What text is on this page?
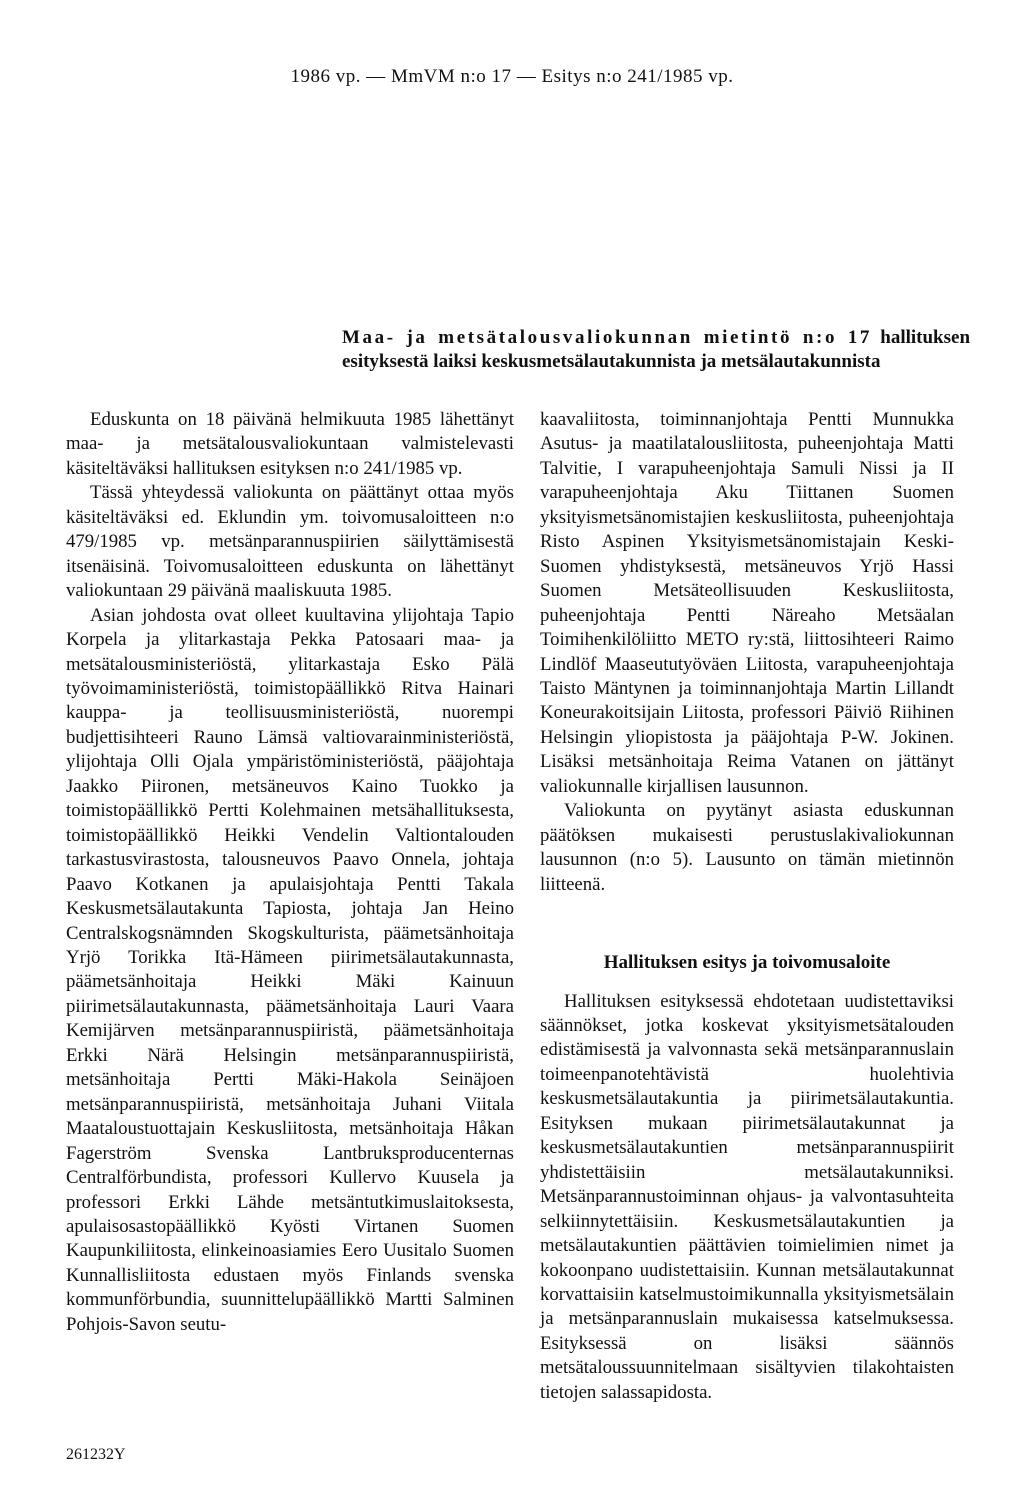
1986 vp. — MmVM n:o 17 — Esitys n:o 241/1985 vp.
Maa- ja metsätalousvaliokunnan mietintö n:o 17 hallituksen esityksestä laiksi keskusmetsälautakunnista ja metsälautakunnista

Eduskunta on 18 päivänä helmikuuta 1985 lähettänyt maa- ja metsätalousvaliokuntaan valmistelevasti käsiteltäväksi hallituksen esityksen n:o 241/1985 vp.

Tässä yhteydessä valiokunta on päättänyt ottaa myös käsiteltäväksi ed. Eklundin ym. toivomusaloitteen n:o 479/1985 vp. metsänparannuspiirien säilyttämisestä itsenäisinä. Toivomusaloitteen eduskunta on lähettänyt valiokuntaan 29 päivänä maaliskuuta 1985.

Asian johdosta ovat olleet kuultavina ylijohtaja Tapio Korpela ja ylitarkastaja Pekka Patosaari maa- ja metsätalousministeriöstä, ylitarkastaja Esko Pälä työvoimaministeriöstä, toimistopäällikkö Ritva Hainari kauppa- ja teollisuusministeriöstä, nuorempi budjettisihteeri Rauno Lämsä valtiovarainministeriöstä, ylijohtaja Olli Ojala ympäristöministeriöstä, pääjohtaja Jaakko Piironen, metsäneuvos Kaino Tuokko ja toimistopäällikkö Pertti Kolehmainen metsähallituksesta, toimistopäällikkö Heikki Vendelin Valtiontalouden tarkastusvirastosta, talousneuvos Paavo Onnela, johtaja Paavo Kotkanen ja apulaisjohtaja Pentti Takala Keskusmetsälautakunta Tapiosta, johtaja Jan Heino Centralskogsnämnden Skogskulturista, päämetsänhoitaja Yrjö Torikka Itä-Hämeen piirimetsälautakunnasta, päämetsänhoitaja Heikki Mäki Kainuun piirimetsälautakunnasta, päämetsänhoitaja Lauri Vaara Kemijärven metsänparannuspiiristä, päämetsänhoitaja Erkki Närä Helsingin metsänparannuspiiristä, metsänhoitaja Pertti Mäki-Hakola Seinäjoen metsänparannuspiiristä, metsänhoitaja Juhani Viitala Maataloustuottajain Keskusliitosta, metsänhoitaja Håkan Fagerström Svenska Lantbruksproducenternas Centralförbundista, professori Kullervo Kuusela ja professori Erkki Lähde metsäntutkimuslaitoksesta, apulaisosastopäällikkö Kyösti Virtanen Suomen Kaupunkiliitosta, elinkeinoasiamies Eero Uusitalo Suomen Kunnallisliitosta edustaen myös Finlands svenska kommunförbundia, suunnittelupäällikkö Martti Salminen Pohjois-Savon seutu-

kaavaliitosta, toiminnanjohtaja Pentti Munnukka Asutus- ja maatilatalousliitosta, puheenjohtaja Matti Talvitie, I varapuheenjohtaja Samuli Nissi ja II varapuheenjohtaja Aku Tiittanen Suomen yksityismetsänomistajien keskusliitosta, puheenjohtaja Risto Aspinen Yksityismetsänomistajain Keski-Suomen yhdistyksestä, metsäneuvos Yrjö Hassi Suomen Metsäteollisuuden Keskusliitosta, puheenjohtaja Pentti Näreaho Metsäalan Toimihenkilöliitto METO ry:stä, liittosihteeri Raimo Lindlöf Maaseututyöväen Liitosta, varapuheenjohtaja Taisto Mäntynen ja toiminnanjohtaja Martin Lillandt Koneurakoitsijain Liitosta, professori Päiviö Riihinen Helsingin yliopistosta ja pääjohtaja P-W. Jokinen. Lisäksi metsänhoitaja Reima Vatanen on jättänyt valiokunnalle kirjallisen lausunnon.

Valiokunta on pyytänyt asiasta eduskunnan päätöksen mukaisesti perustuslakivaliokunnan lausunnon (n:o 5). Lausunto on tämän mietinnön liitteenä.

Hallituksen esitys ja toivomusaloite

Hallituksen esityksessä ehdotetaan uudistettaviksi säännökset, jotka koskevat yksityismetsätalouden edistämisestä ja valvonnasta sekä metsänparannuslain toimeenpanotehtävistä huolehtivia keskusmetsälautakuntia ja piirimetsälautakuntia. Esityksen mukaan piirimetsälautakunnat ja keskusmetsälautakuntien metsänparannuspiirit yhdistettäisiin metsälautakunniksi. Metsänparannustoiminnan ohjaus- ja valvontasuhteita selkiinnytettäisiin. Keskusmetsälautakuntien ja metsälautakuntien päättävien toimielimien nimet ja kokoonpano uudistettaisiin. Kunnan metsälautakunnat korvattaisiin katselmustoimikunnalla yksityismetsälain ja metsänparannuslain mukaisessa katselmuksessa. Esityksessä on lisäksi säännös metsätaloussuunnitelmaan sisältyvien tilakohtaisten tietojen salassapidosta.

261232Y
